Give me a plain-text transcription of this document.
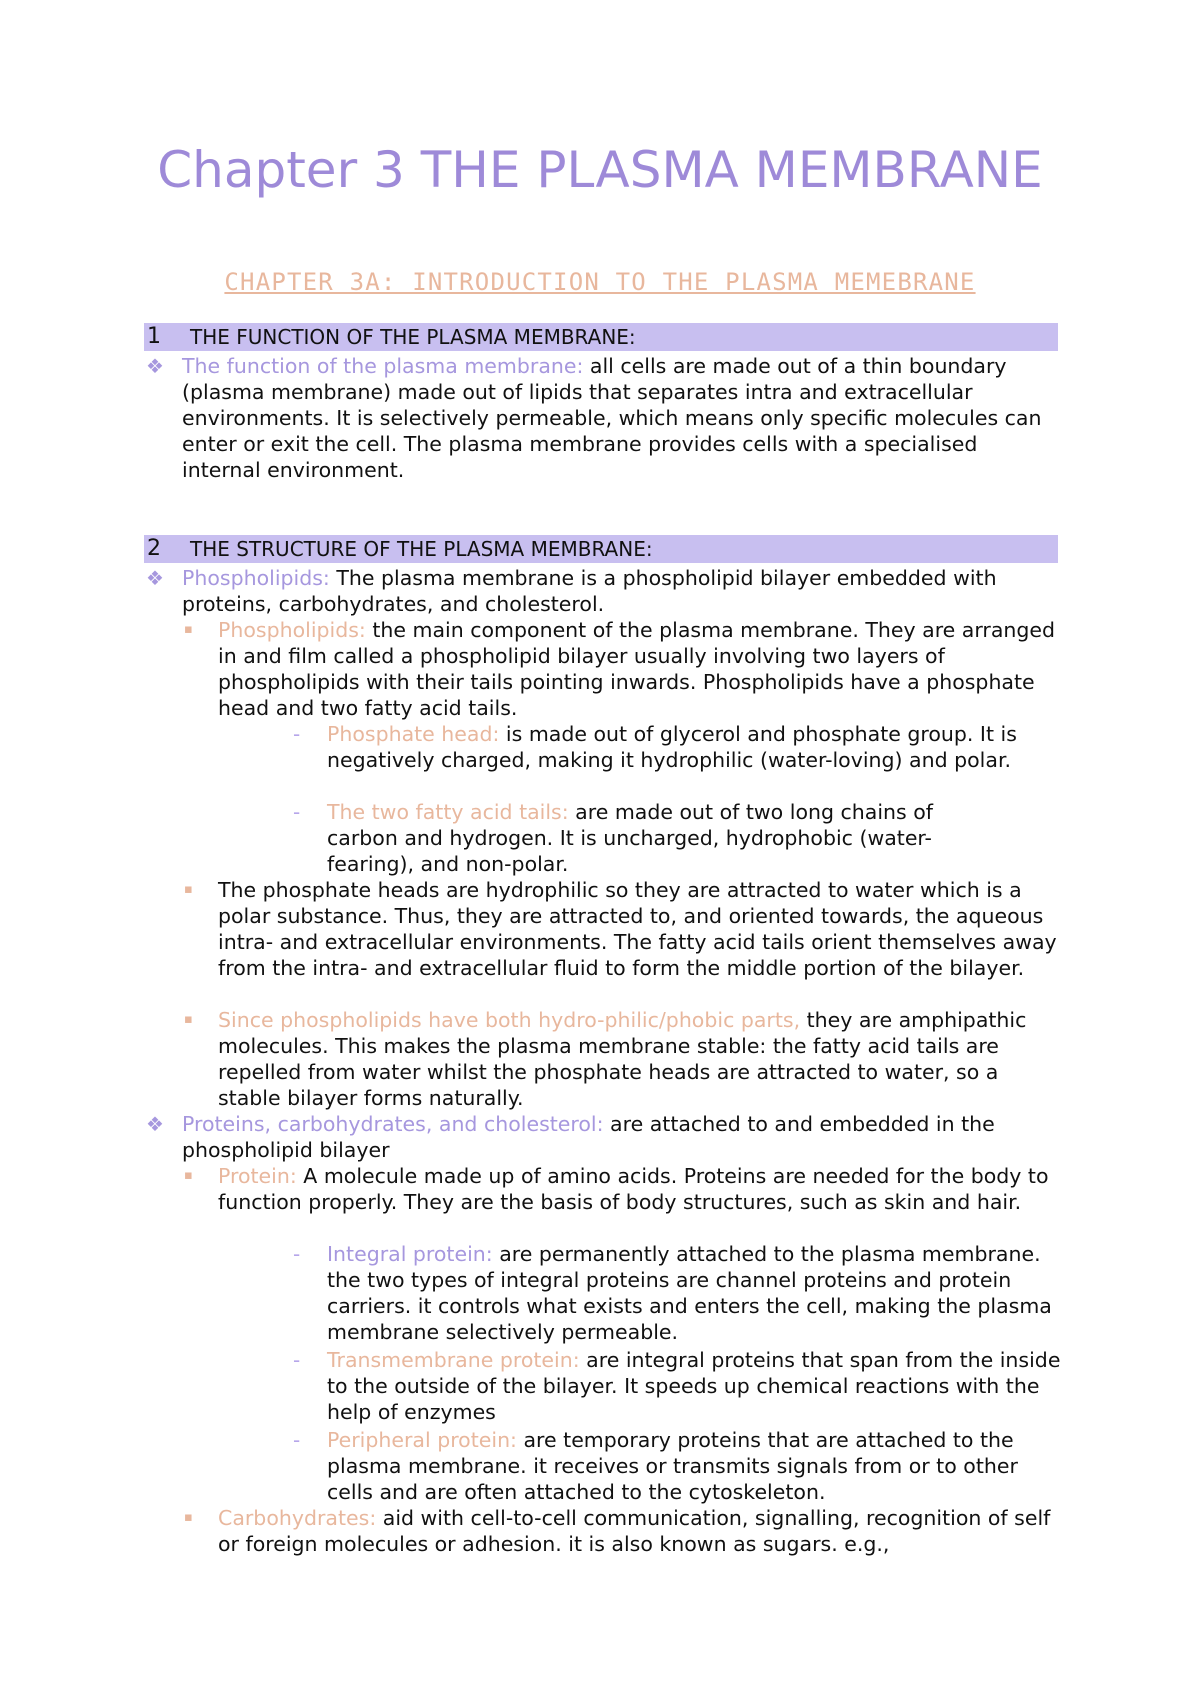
Chapter 3 THE PLASMA MEMBRANE
CHAPTER 3A: INTRODUCTION TO THE PLASMA MEMEBRANE
1 THE FUNCTION OF THE PLASMA MEMBRANE:
❖ The function of the plasma membrane: all cells are made out of a thin boundary (plasma membrane) made out of lipids that separates intra and extracellular environments. It is selectively permeable, which means only specific molecules can enter or exit the cell. The plasma membrane provides cells with a specialised internal environment.
2 THE STRUCTURE OF THE PLASMA MEMBRANE:
❖ Phospholipids: The plasma membrane is a phospholipid bilayer embedded with proteins, carbohydrates, and cholesterol.
▪ Phospholipids: the main component of the plasma membrane. They are arranged in and film called a phospholipid bilayer usually involving two layers of phospholipids with their tails pointing inwards. Phospholipids have a phosphate head and two fatty acid tails.
- Phosphate head: is made out of glycerol and phosphate group. It is negatively charged, making it hydrophilic (water-loving) and polar.
- The two fatty acid tails: are made out of two long chains of carbon and hydrogen. It is uncharged, hydrophobic (water-fearing), and non-polar.
▪ The phosphate heads are hydrophilic so they are attracted to water which is a polar substance. Thus, they are attracted to, and oriented towards, the aqueous intra- and extracellular environments. The fatty acid tails orient themselves away from the intra- and extracellular fluid to form the middle portion of the bilayer.
▪ Since phospholipids have both hydro-philic/phobic parts, they are amphipathic molecules. This makes the plasma membrane stable: the fatty acid tails are repelled from water whilst the phosphate heads are attracted to water, so a stable bilayer forms naturally.
❖ Proteins, carbohydrates, and cholesterol: are attached to and embedded in the phospholipid bilayer
▪ Protein: A molecule made up of amino acids. Proteins are needed for the body to function properly. They are the basis of body structures, such as skin and hair.
- Integral protein: are permanently attached to the plasma membrane. the two types of integral proteins are channel proteins and protein carriers. it controls what exists and enters the cell, making the plasma membrane selectively permeable.
- Transmembrane protein: are integral proteins that span from the inside to the outside of the bilayer. It speeds up chemical reactions with the help of enzymes
- Peripheral protein: are temporary proteins that are attached to the plasma membrane. it receives or transmits signals from or to other cells and are often attached to the cytoskeleton.
▪ Carbohydrates: aid with cell-to-cell communication, signalling, recognition of self or foreign molecules or adhesion. it is also known as sugars. e.g.,
